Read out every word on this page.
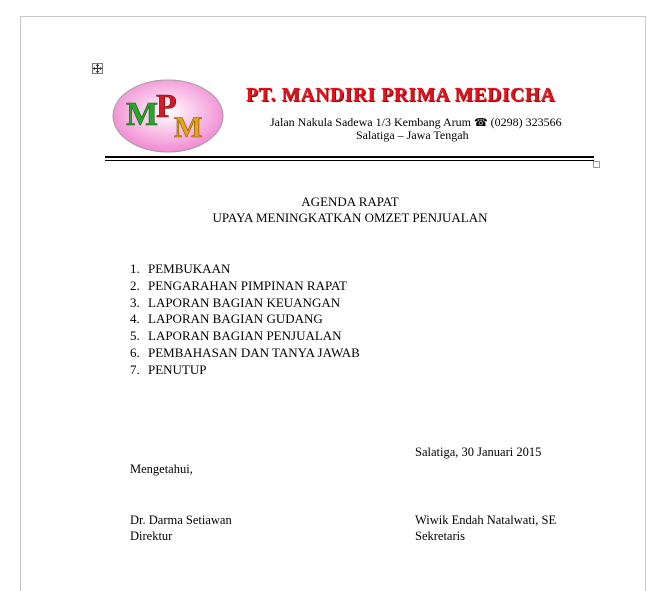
M
P
M
PT. MANDIRI PRIMA MEDICHA
Jalan Nakula Sadewa 1/3 Kembang Arum ☎ (0298) 323566
Salatiga – Jawa Tengah
AGENDA RAPAT
UPAYA MENINGKATKAN OMZET PENJUALAN
1. PEMBUKAAN
2. PENGARAHAN PIMPINAN RAPAT
3. LAPORAN BAGIAN KEUANGAN
4. LAPORAN BAGIAN GUDANG
5. LAPORAN BAGIAN PENJUALAN
6. PEMBAHASAN DAN TANYA JAWAB
7. PENUTUP
Salatiga, 30 Januari 2015
Mengetahui,
Dr. Darma Setiawan
Direktur
Wiwik Endah Natalwati, SE
Sekretaris
